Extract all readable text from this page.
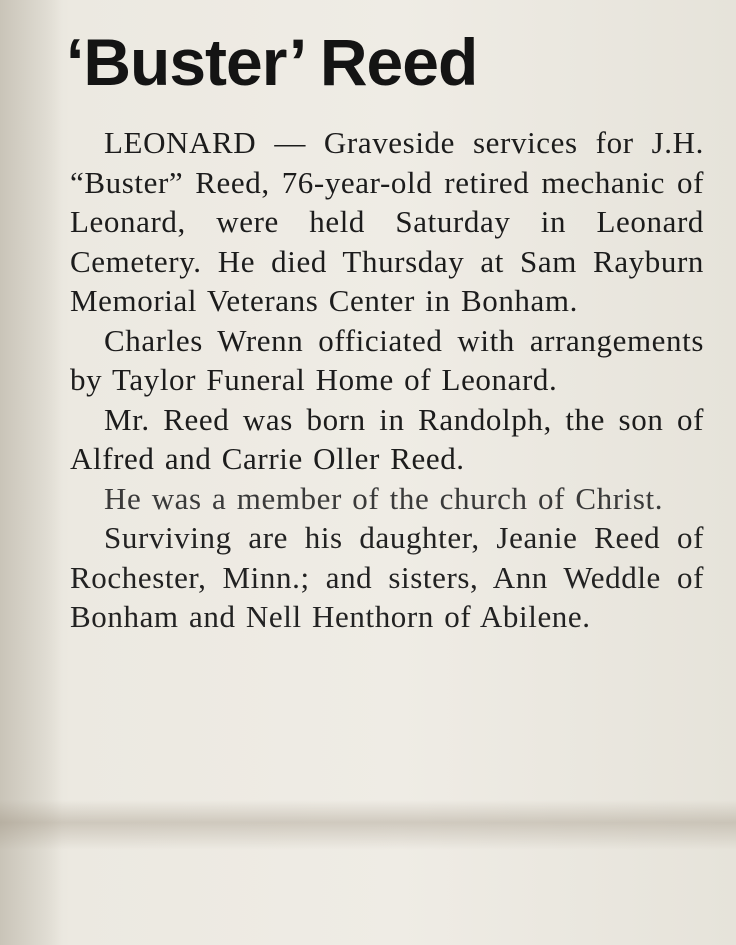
‘Buster’ Reed

LEONARD — Graveside services for J.H. “Buster” Reed, 76-year-old retired mechanic of Leonard, were held Saturday in Leonard Cemetery. He died Thursday at Sam Rayburn Memorial Veterans Center in Bonham.

Charles Wrenn officiated with arrangements by Taylor Funeral Home of Leonard.

Mr. Reed was born in Randolph, the son of Alfred and Carrie Oller Reed.

He was a member of the church of Christ.

Surviving are his daughter, Jeanie Reed of Rochester, Minn.; and sisters, Ann Weddle of Bonham and Nell Henthorn of Abilene.
